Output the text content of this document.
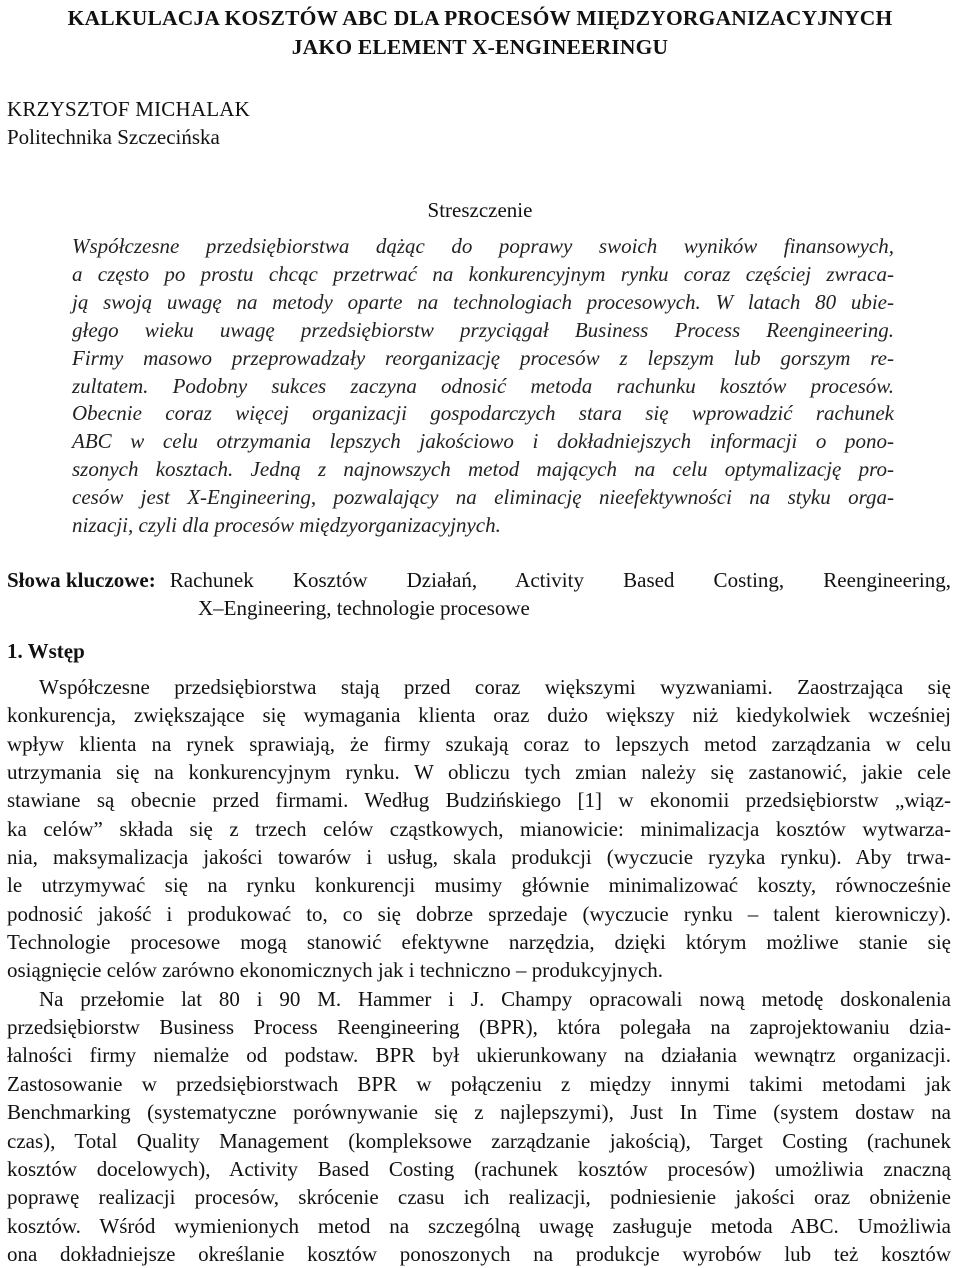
KALKULACJA KOSZTÓW ABC DLA PROCESÓW MIĘDZYORGANIZACYJNYCH
JAKO ELEMENT X-ENGINEERINGU
KRZYSZTOF MICHALAK
Politechnika Szczecińska
Streszczenie
Współczesne przedsiębiorstwa dążąc do poprawy swoich wyników finansowych,
a często po prostu chcąc przetrwać na konkurencyjnym rynku coraz częściej zwraca-
ją swoją uwagę na metody oparte na technologiach procesowych. W latach 80 ubie-
głego wieku uwagę przedsiębiorstw przyciągał Business Process Reengineering.
Firmy masowo przeprowadzały reorganizację procesów z lepszym lub gorszym re-
zultatem. Podobny sukces zaczyna odnosić metoda rachunku kosztów procesów.
Obecnie coraz więcej organizacji gospodarczych stara się wprowadzić rachunek
ABC w celu otrzymania lepszych jakościowo i dokładniejszych informacji o pono-
szonych kosztach. Jedną z najnowszych metod mających na celu optymalizację pro-
cesów jest X-Engineering, pozwalający na eliminację nieefektywności na styku orga-
nizacji, czyli dla procesów międzyorganizacyjnych.
Słowa kluczowe: Rachunek Kosztów Działań, Activity Based Costing, Reengineering,
X–Engineering, technologie procesowe
1. Wstęp
Współczesne przedsiębiorstwa stają przed coraz większymi wyzwaniami. Zaostrzająca się
konkurencja, zwiększające się wymagania klienta oraz dużo większy niż kiedykolwiek wcześniej
wpływ klienta na rynek sprawiają, że firmy szukają coraz to lepszych metod zarządzania w celu
utrzymania się na konkurencyjnym rynku. W obliczu tych zmian należy się zastanowić, jakie cele
stawiane są obecnie przed firmami. Według Budzińskiego [1] w ekonomii przedsiębiorstw „wiąz-
ka celów” składa się z trzech celów cząstkowych, mianowicie: minimalizacja kosztów wytwarza-
nia, maksymalizacja jakości towarów i usług, skala produkcji (wyczucie ryzyka rynku). Aby trwa-
le utrzymywać się na rynku konkurencji musimy głównie minimalizować koszty, równocześnie
podnosić jakość i produkować to, co się dobrze sprzedaje (wyczucie rynku – talent kierowniczy).
Technologie procesowe mogą stanowić efektywne narzędzia, dzięki którym możliwe stanie się
osiągnięcie celów zarówno ekonomicznych jak i techniczno – produkcyjnych.
Na przełomie lat 80 i 90 M. Hammer i J. Champy opracowali nową metodę doskonalenia
przedsiębiorstw Business Process Reengineering (BPR), która polegała na zaprojektowaniu dzia-
łalności firmy niemalże od podstaw. BPR był ukierunkowany na działania wewnątrz organizacji.
Zastosowanie w przedsiębiorstwach BPR w połączeniu z między innymi takimi metodami jak
Benchmarking (systematyczne porównywanie się z najlepszymi), Just In Time (system dostaw na
czas), Total Quality Management (kompleksowe zarządzanie jakością), Target Costing (rachunek
kosztów docelowych), Activity Based Costing (rachunek kosztów procesów) umożliwia znaczną
poprawę realizacji procesów, skrócenie czasu ich realizacji, podniesienie jakości oraz obniżenie
kosztów. Wśród wymienionych metod na szczególną uwagę zasługuje metoda ABC. Umożliwia
ona dokładniejsze określanie kosztów ponoszonych na produkcje wyrobów lub też kosztów
